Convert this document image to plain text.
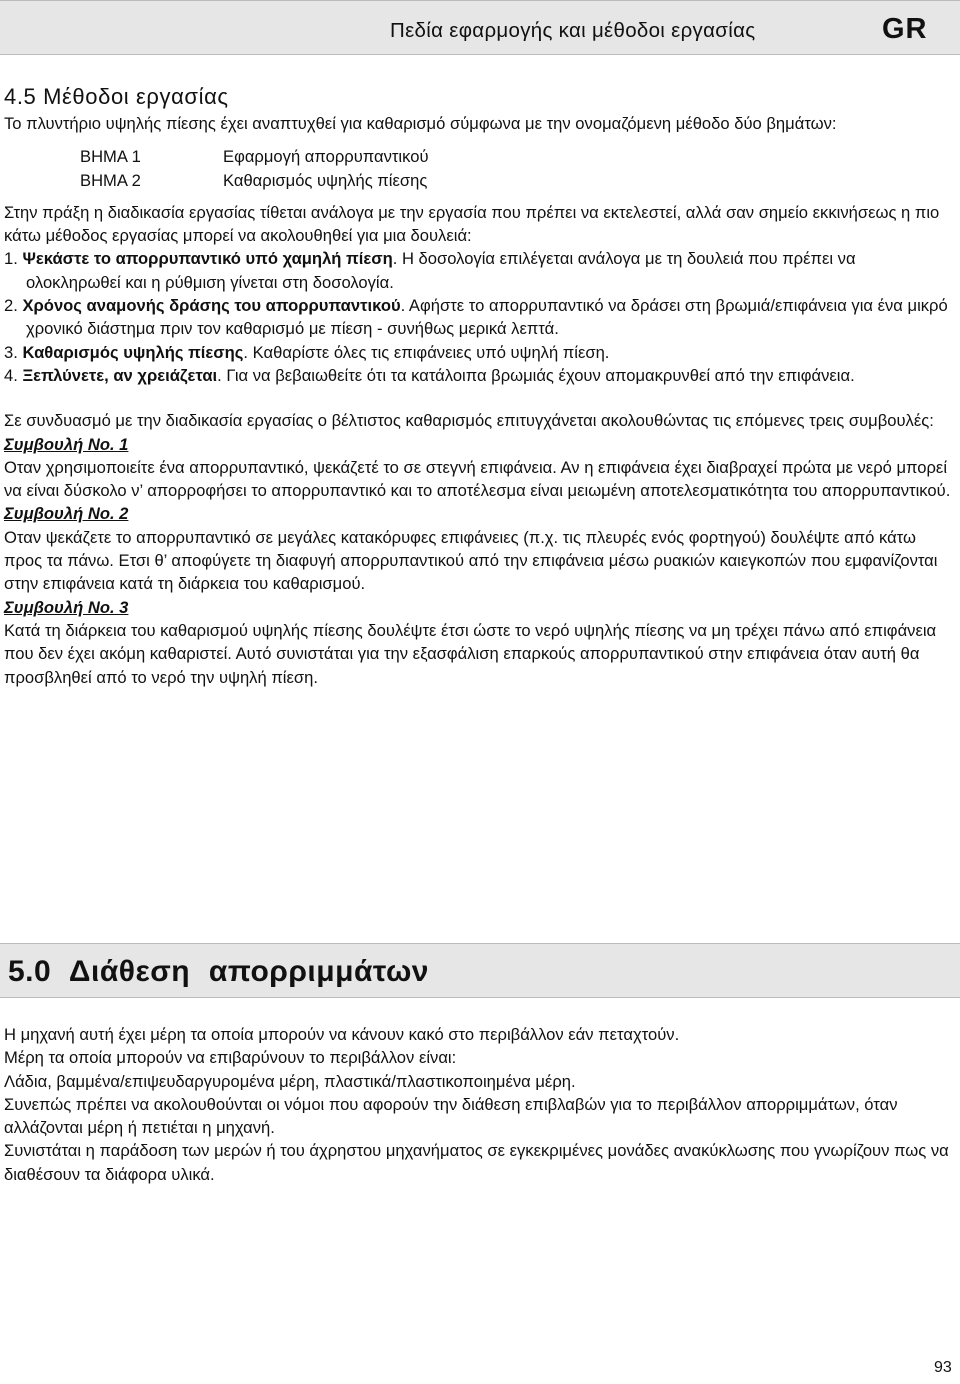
Πεδία εφαρμογής και μέθοδοι εργασίας	GR
4.5 Μέθοδοι εργασίας

Το πλυντήριο υψηλής πίεσης έχει αναπτυχθεί για καθαρισμό σύμφωνα με την ονομαζόμενη μέθοδο δύο βημάτων:

ΒΗΜΑ 1	Εφαρμογή απορρυπαντικού
ΒΗΜΑ 2	Καθαρισμός υψηλής πίεσης

Στην πράξη η διαδικασία εργασίας τίθεται ανάλογα με την εργασία που πρέπει να εκτελεστεί, αλλά σαν σημείο εκκινήσεως η πιο κάτω μέθοδος εργασίας μπορεί να ακολουθηθεί για μια δουλειά:

1. Ψεκάστε το απορρυπαντικό υπό χαμηλή πίεση. Η δοσολογία επιλέγεται ανάλογα με τη δουλειά που πρέπει να ολοκληρωθεί και η ρύθμιση γίνεται στη δοσολογία.
2. Χρόνος αναμονής δράσης του απορρυπαντικού. Αφήστε το απορρυπαντικό να δράσει στη βρωμιά/επιφάνεια για ένα μικρό χρονικό διάστημα πριν τον καθαρισμό με πίεση - συνήθως μερικά λεπτά.
3. Καθαρισμός υψηλής πίεσης. Καθαρίστε όλες τις επιφάνειες υπό υψηλή πίεση.
4. Ξεπλύνετε, αν χρειάζεται. Για να βεβαιωθείτε ότι τα κατάλοιπα βρωμιάς έχουν απομακρυνθεί από την επιφάνεια.

Σε συνδυασμό με την διαδικασία εργασίας ο βέλτιστος καθαρισμός επιτυγχάνεται ακολουθώντας τις επόμενες τρεις συμβουλές:

Συμβουλή Νο. 1

Οταν χρησιμοποιείτε ένα απορρυπαντικό, ψεκάζετέ το σε στεγνή επιφάνεια. Αν η επιφάνεια έχει διαβραχεί πρώτα με νερό μπορεί να είναι δύσκολο ν’ απορροφήσει το απορρυπαντικό και το αποτέλεσμα είναι μειωμένη αποτελεσματικότητα του απορρυπαντικού.

Συμβουλή Νο. 2

Οταν ψεκάζετε το απορρυπαντικό σε μεγάλες κατακόρυφες επιφάνειες (π.χ. τις πλευρές ενός φορτηγού) δουλέψτε από κάτω προς τα πάνω. Ετσι θ’ αποφύγετε τη διαφυγή απορρυπαντικού από την επιφάνεια μέσω ρυακιών καιεγκοπών που εμφανίζονται στην επιφάνεια κατά τη διάρκεια του καθαρισμού.

Συμβουλή Νο. 3

Κατά τη διάρκεια του καθαρισμού υψηλής πίεσης δουλέψτε έτσι ώστε το νερό υψηλής πίεσης να μη τρέχει πάνω από επιφάνεια που δεν έχει ακόμη καθαριστεί. Αυτό συνιστάται για την εξασφάλιση επαρκούς απορρυπαντικού στην επιφάνεια όταν αυτή θα προσβληθεί από το νερό την υψηλή πίεση.

5.0 Διάθεση απορριμμάτων

Η μηχανή αυτή έχει μέρη τα οποία μπορούν να κάνουν κακό στο περιβάλλον εάν πεταχτούν.

Μέρη τα οποία μπορούν να επιβαρύνουν το περιβάλλον είναι:

Λάδια, βαμμένα/επιψευδαργυρομένα μέρη, πλαστικά/πλαστικοποιημένα μέρη.

Συνεπώς πρέπει να ακολουθούνται οι νόμοι που αφορούν την διάθεση επιβλαβών για το περιβάλλον απορριμμάτων, όταν αλλάζονται μέρη ή πετιέται η μηχανή.

Συνιστάται η παράδοση των μερών ή του άχρηστου μηχανήματος σε εγκεκριμένες μονάδες ανακύκλωσης που γνωρίζουν πως να διαθέσουν τα διάφορα υλικά.

93
